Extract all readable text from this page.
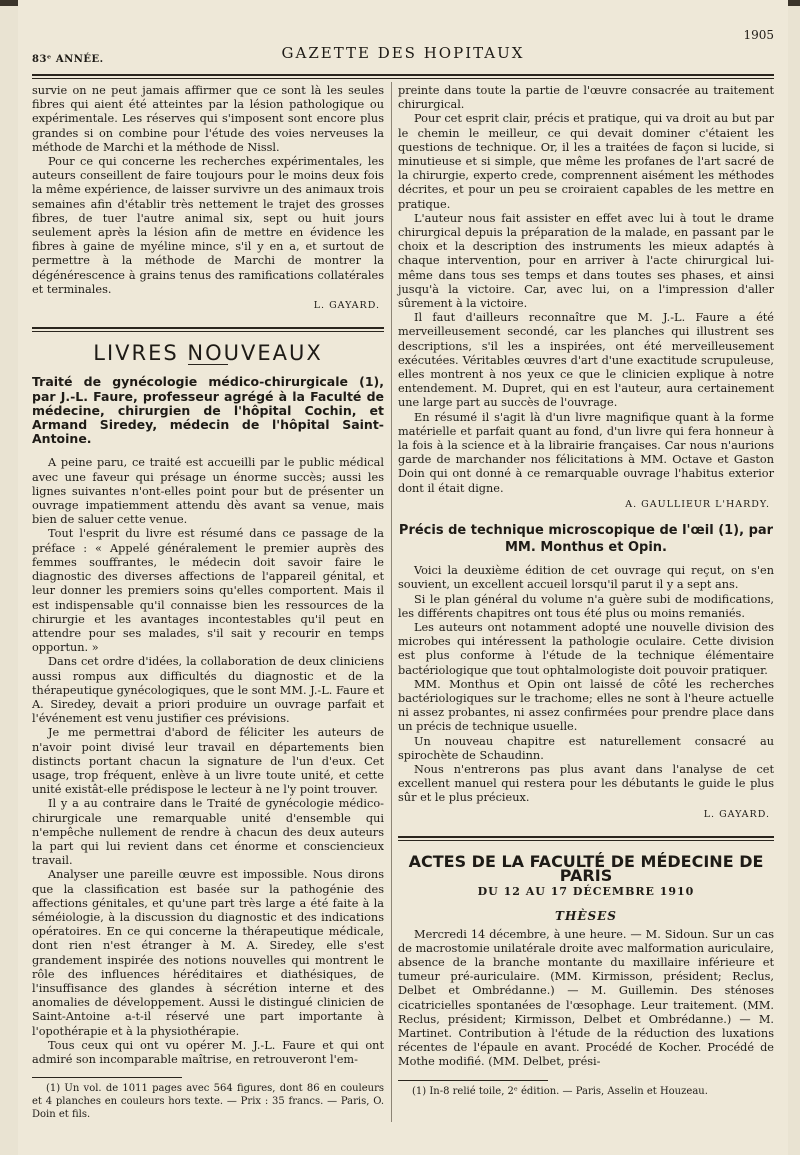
83ᵉ ANNÉE.	GAZETTE DES HOPITAUX
1905

survie on ne peut jamais affirmer que ce sont là les seules fibres qui aient été atteintes par la lésion pathologique ou expérimentale. Les réserves qui s'imposent sont encore plus grandes si on combine pour l'étude des voies nerveuses la méthode de Marchi et la méthode de Nissl.

Pour ce qui concerne les recherches expérimentales, les auteurs conseillent de faire toujours pour le moins deux fois la même expérience, de laisser survivre un des animaux trois semaines afin d'établir très nettement le trajet des grosses fibres, de tuer l'autre animal six, sept ou huit jours seulement après la lésion afin de mettre en évidence les fibres à gaine de myéline mince, s'il y en a, et surtout de permettre à la méthode de Marchi de montrer la dégénérescence à grains tenus des ramifications collatérales et terminales.

L. GAYARD.
LIVRES NOUVEAUX

Traité de gynécologie médico-chirurgicale (1), par J.-L. Faure, professeur agrégé à la Faculté de médecine, chirurgien de l'hôpital Cochin, et Armand Siredey, médecin de l'hôpital Saint-Antoine.

A peine paru, ce traité est accueilli par le public médical avec une faveur qui présage un énorme succès; aussi les lignes suivantes n'ont-elles point pour but de présenter un ouvrage impatiemment attendu dès avant sa venue, mais bien de saluer cette venue.

Tout l'esprit du livre est résumé dans ce passage de la préface : « Appelé généralement le premier auprès des femmes souffrantes, le médecin doit savoir faire le diagnostic des diverses affections de l'appareil génital, et leur donner les premiers soins qu'elles comportent. Mais il est indispensable qu'il connaisse bien les ressources de la chirurgie et les avantages incontestables qu'il peut en attendre pour ses malades, s'il sait y recourir en temps opportun. »

Dans cet ordre d'idées, la collaboration de deux cliniciens aussi rompus aux difficultés du diagnostic et de la thérapeutique gynécologiques, que le sont MM. J.-L. Faure et A. Siredey, devait a priori produire un ouvrage parfait et l'événement est venu justifier ces prévisions.

Je me permettrai d'abord de féliciter les auteurs de n'avoir point divisé leur travail en départements bien distincts portant chacun la signature de l'un d'eux. Cet usage, trop fréquent, enlève à un livre toute unité, et cette unité existât-elle prédispose le lecteur à ne l'y point trouver.

Il y a au contraire dans le Traité de gynécologie médico-chirurgicale une remarquable unité d'ensemble qui n'empêche nullement de rendre à chacun des deux auteurs la part qui lui revient dans cet énorme et consciencieux travail.

Analyser une pareille œuvre est impossible. Nous dirons que la classification est basée sur la pathogénie des affections génitales, et qu'une part très large a été faite à la séméiologie, à la discussion du diagnostic et des indications opératoires. En ce qui concerne la thérapeutique médicale, dont rien n'est étranger à M. A. Siredey, elle s'est grandement inspirée des notions nouvelles qui montrent le rôle des influences héréditaires et diathésiques, de l'insuffisance des glandes à sécrétion interne et des anomalies de développement. Aussi le distingué clinicien de Saint-Antoine a-t-il réservé une part importante à l'opothérapie et à la physiothérapie.

Tous ceux qui ont vu opérer M. J.-L. Faure et qui ont admiré son incomparable maîtrise, en retrouveront l'em-

(1) Un vol. de 1011 pages avec 564 figures, dont 86 en couleurs et 4 planches en couleurs hors texte. — Prix : 35 francs. — Paris, O. Doin et fils.

preinte dans toute la partie de l'œuvre consacrée au traitement chirurgical.

Pour cet esprit clair, précis et pratique, qui va droit au but par le chemin le meilleur, ce qui devait dominer c'étaient les questions de technique. Or, il les a traitées de façon si lucide, si minutieuse et si simple, que même les profanes de l'art sacré de la chirurgie, experto crede, comprennent aisément les méthodes décrites, et pour un peu se croiraient capables de les mettre en pratique.

L'auteur nous fait assister en effet avec lui à tout le drame chirurgical depuis la préparation de la malade, en passant par le choix et la description des instruments les mieux adaptés à chaque intervention, pour en arriver à l'acte chirurgical lui-même dans tous ses temps et dans toutes ses phases, et ainsi jusqu'à la victoire. Car, avec lui, on a l'impression d'aller sûrement à la victoire.

Il faut d'ailleurs reconnaître que M. J.-L. Faure a été merveilleusement secondé, car les planches qui illustrent ses descriptions, s'il les a inspirées, ont été merveilleusement exécutées. Véritables œuvres d'art d'une exactitude scrupuleuse, elles montrent à nos yeux ce que le clinicien explique à notre entendement. M. Dupret, qui en est l'auteur, aura certainement une large part au succès de l'ouvrage.

En résumé il s'agit là d'un livre magnifique quant à la forme matérielle et parfait quant au fond, d'un livre qui fera honneur à la fois à la science et à la librairie françaises. Car nous n'aurions garde de marchander nos félicitations à MM. Octave et Gaston Doin qui ont donné à ce remarquable ouvrage l'habitus exterior dont il était digne.

A. GAULLIEUR L'HARDY.
Précis de technique microscopique de l'œil (1), par MM. Monthus et Opin.

Voici la deuxième édition de cet ouvrage qui reçut, on s'en souvient, un excellent accueil lorsqu'il parut il y a sept ans.

Si le plan général du volume n'a guère subi de modifications, les différents chapitres ont tous été plus ou moins remaniés.

Les auteurs ont notamment adopté une nouvelle division des microbes qui intéressent la pathologie oculaire. Cette division est plus conforme à l'étude de la technique élémentaire bactériologique que tout ophtalmologiste doit pouvoir pratiquer.

MM. Monthus et Opin ont laissé de côté les recherches bactériologiques sur le trachome; elles ne sont à l'heure actuelle ni assez probantes, ni assez confirmées pour prendre place dans un précis de technique usuelle.

Un nouveau chapitre est naturellement consacré au spirochète de Schaudinn.

Nous n'entrerons pas plus avant dans l'analyse de cet excellent manuel qui restera pour les débutants le guide le plus sûr et le plus précieux.

L. GAYARD.
ACTES DE LA FACULTÉ DE MÉDECINE DE PARIS
DU 12 AU 17 DÉCEMBRE 1910
THÈSES

Mercredi 14 décembre, à une heure. — M. Sidoun. Sur un cas de macrostomie unilatérale droite avec malformation auriculaire, absence de la branche montante du maxillaire inférieure et tumeur pré-auriculaire. (MM. Kirmisson, président; Reclus, Delbet et Ombrédanne.) — M. Guillemin. Des sténoses cicatricielles spontanées de l'œsophage. Leur traitement. (MM. Reclus, président; Kirmisson, Delbet et Ombrédanne.) — M. Martinet. Contribution à l'étude de la réduction des luxations récentes de l'épaule en avant. Procédé de Kocher. Procédé de Mothe modifié. (MM. Delbet, prési-

(1) In-8 relié toile, 2ᵉ édition. — Paris, Asselin et Houzeau.
